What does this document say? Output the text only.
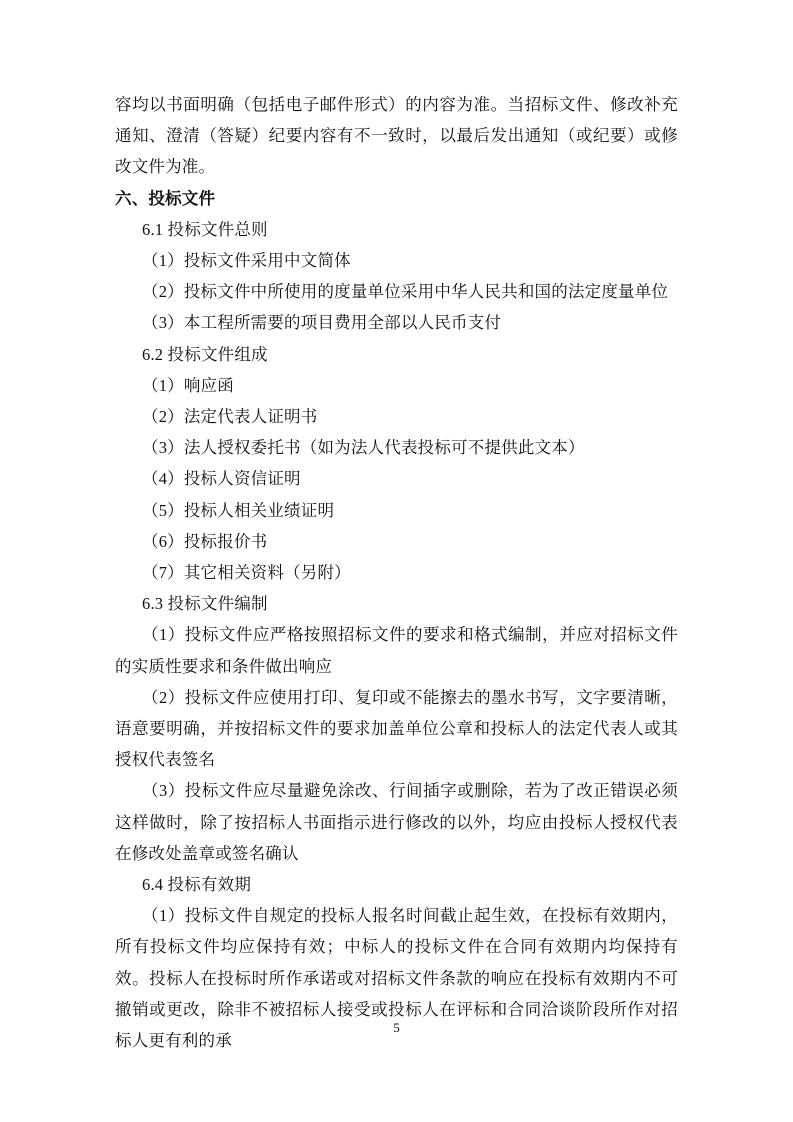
容均以书面明确（包括电子邮件形式）的内容为准。当招标文件、修改补充通知、澄清（答疑）纪要内容有不一致时，以最后发出通知（或纪要）或修改文件为准。

六、投标文件

6.1 投标文件总则

（1）投标文件采用中文简体

（2）投标文件中所使用的度量单位采用中华人民共和国的法定度量单位

（3）本工程所需要的项目费用全部以人民币支付

6.2 投标文件组成

（1）响应函

（2）法定代表人证明书

（3）法人授权委托书（如为法人代表投标可不提供此文本）

（4）投标人资信证明

（5）投标人相关业绩证明

（6）投标报价书

（7）其它相关资料（另附）

6.3 投标文件编制

（1）投标文件应严格按照招标文件的要求和格式编制，并应对招标文件的实质性要求和条件做出响应

（2）投标文件应使用打印、复印或不能擦去的墨水书写，文字要清晰，语意要明确，并按招标文件的要求加盖单位公章和投标人的法定代表人或其授权代表签名

（3）投标文件应尽量避免涂改、行间插字或删除，若为了改正错误必须这样做时，除了按招标人书面指示进行修改的以外，均应由投标人授权代表在修改处盖章或签名确认

6.4 投标有效期

（1）投标文件自规定的投标人报名时间截止起生效，在投标有效期内，所有投标文件均应保持有效；中标人的投标文件在合同有效期内均保持有效。投标人在投标时所作承诺或对招标文件条款的响应在投标有效期内不可撤销或更改，除非不被招标人接受或投标人在评标和合同洽谈阶段所作对招标人更有利的承

5
